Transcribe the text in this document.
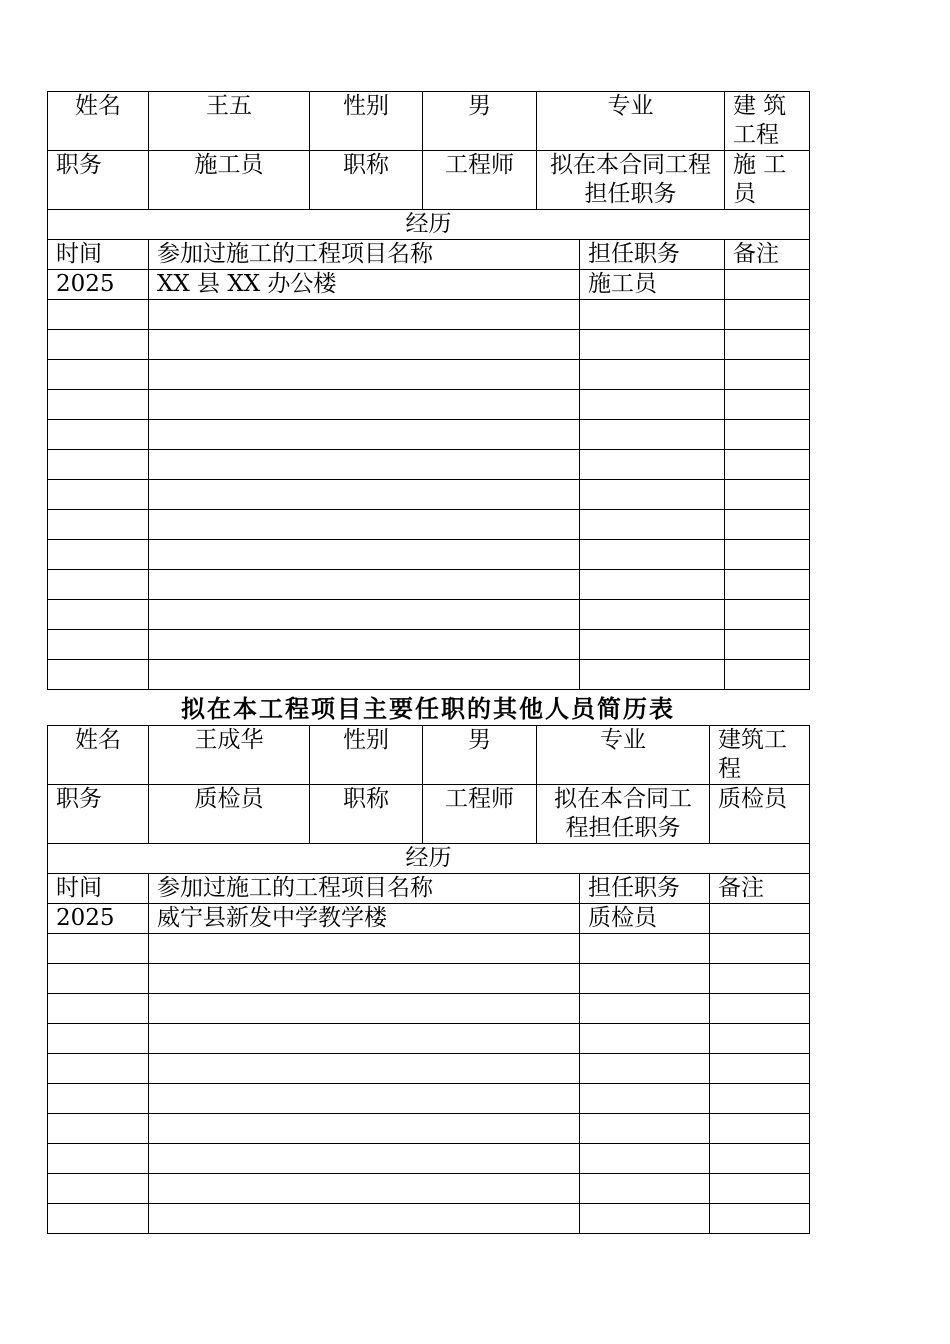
姓名	王五	性别	男	专业		建 筑工程
职务	施工员	职称	工程师	拟在本合同工程担任职务		施 工员
经历						
时间	参加过施工的工程项目名称				担任职务	备注
2025	XX 县 XX 办公楼				施工员	

拟在本工程项目主要任职的其他人员简历表
姓名	王成华	性别	男	专业		建筑工程
职务	质检员	职称	工程师	拟在本合同工程担任职务		质检员
经历						
时间	参加过施工的工程项目名称				担任职务	备注
2025	威宁县新发中学教学楼				质检员	
